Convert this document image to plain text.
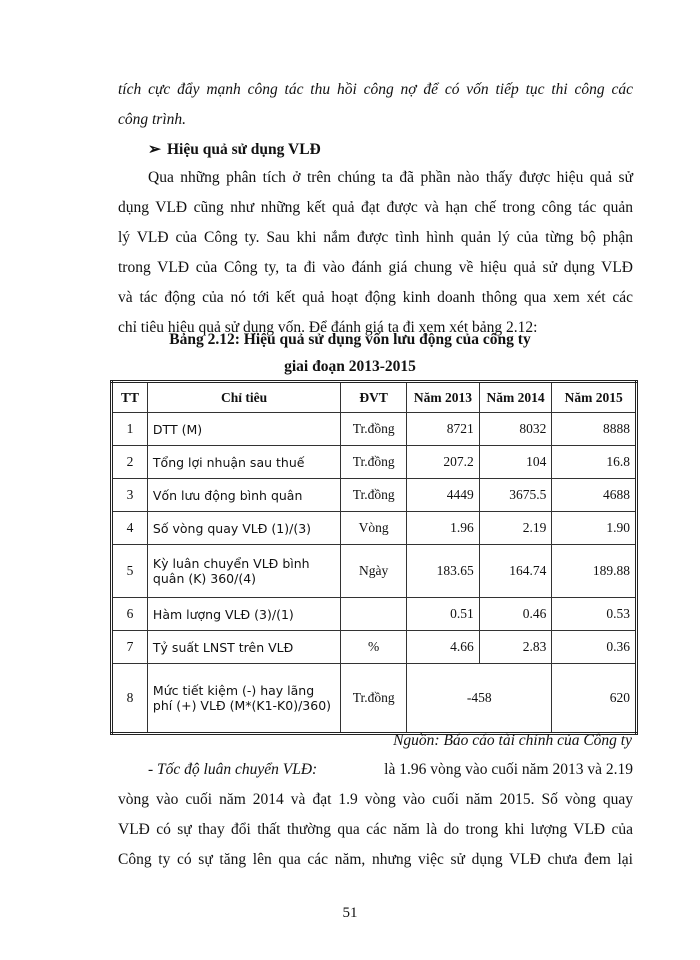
tích cực đẩy mạnh công tác thu hồi công nợ để có vốn tiếp tục thi công các
công trình.
➢ Hiệu quả sử dụng VLĐ
Qua những phân tích ở trên chúng ta đã phần nào thấy được hiệu quả sử
dụng VLĐ cũng như những kết quả đạt được và hạn chế trong công tác quản
lý VLĐ của Công ty. Sau khi nắm được tình hình quản lý của từng bộ phận
trong VLĐ của Công ty, ta đi vào đánh giá chung về hiệu quả sử dụng VLĐ
và tác động của nó tới kết quả hoạt động kinh doanh thông qua xem xét các
chỉ tiêu hiệu quả sử dụng vốn. Để đánh giá ta đi xem xét bảng 2.12:
Bảng 2.12: Hiệu quả sử dụng vốn lưu động của công ty
giai đoạn 2013-2015
TT	Chỉ tiêu	ĐVT	Năm 2013	Năm 2014	Năm 2015
1	DTT (M)	Tr.đồng	8721	8032	8888
2	Tổng lợi nhuận sau thuế	Tr.đồng	207.2	104	16.8
3	Vốn lưu động bình quân	Tr.đồng	4449	3675.5	4688
4	Số vòng quay VLĐ (1)/(3)	Vòng	1.96	2.19	1.90
5	Kỳ luân chuyển VLĐ bình quân (K) 360/(4)	Ngày	183.65	164.74	189.88
6	Hàm lượng VLĐ (3)/(1)		0.51	0.46	0.53
7	Tỷ suất LNST trên VLĐ	%	4.66	2.83	0.36
8	Mức tiết kiệm (-) hay lãng phí (+) VLĐ (M*(K1-K0)/360)	Tr.đồng	-458		620
Nguồn: Báo cáo tài chính của Công ty
- Tốc độ luân chuyển VLĐ:	là 1.96 vòng vào cuối năm 2013 và 2.19
vòng vào cuối năm 2014 và đạt 1.9 vòng vào cuối năm 2015. Số vòng quay
VLĐ có sự thay đổi thất thường qua các năm là do trong khi lượng VLĐ của
Công ty có sự tăng lên qua các năm, nhưng việc sử dụng VLĐ chưa đem lại
51
